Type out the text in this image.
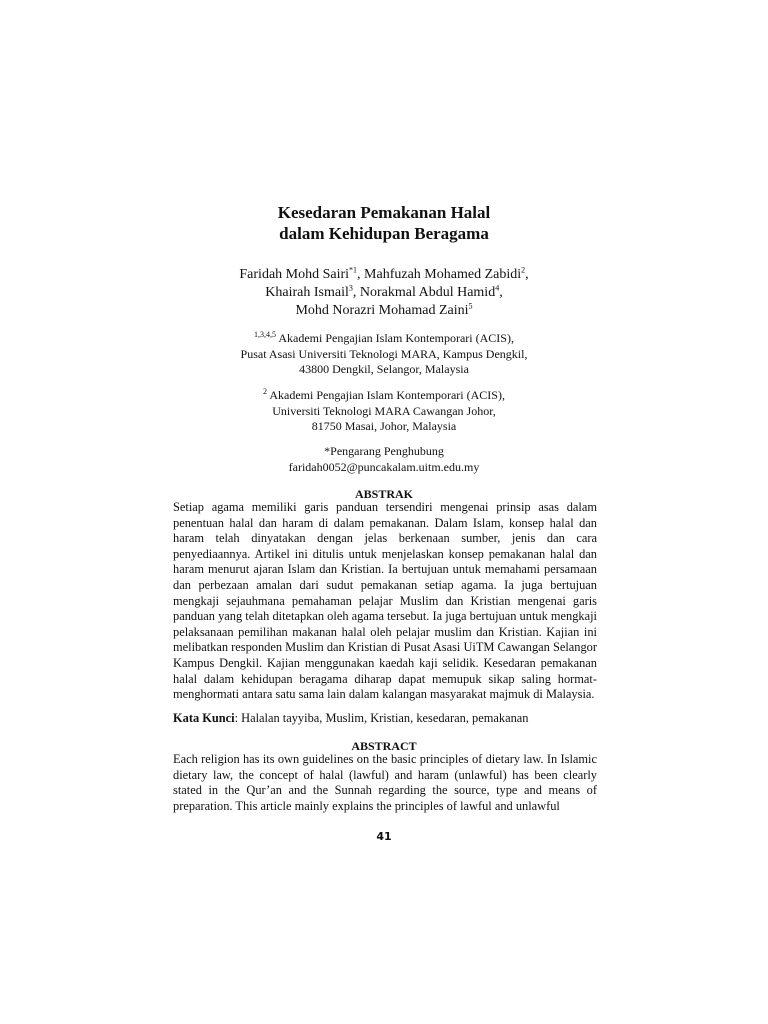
Kesedaran Pemakanan Halal
dalam Kehidupan Beragama
Faridah Mohd Sairi$^{*1}$, Mahfuzah Mohamed Zabidi$^2$,
Khairah Ismail$^3$, Norakmal Abdul Hamid$^4$,
Mohd Norazri Mohamad Zaini$^5$
$^{1,3,4,5}$ Akademi Pengajian Islam Kontemporari (ACIS),
Pusat Asasi Universiti Teknologi MARA, Kampus Dengkil,
43800 Dengkil, Selangor, Malaysia
$^2$ Akademi Pengajian Islam Kontemporari (ACIS),
Universiti Teknologi MARA Cawangan Johor,
81750 Masai, Johor, Malaysia
*Pengarang Penghubung
faridah0052@puncakalam.uitm.edu.my
ABSTRAK
Setiap agama memiliki garis panduan tersendiri mengenai prinsip asas dalam penentuan halal dan haram di dalam pemakanan. Dalam Islam, konsep halal dan haram telah dinyatakan dengan jelas berkenaan sumber, jenis dan cara penyediaannya. Artikel ini ditulis untuk menjelaskan konsep pemakanan halal dan haram menurut ajaran Islam dan Kristian. Ia bertujuan untuk memahami persamaan dan perbezaan amalan dari sudut pemakanan setiap agama. Ia juga bertujuan mengkaji sejauhmana pemahaman pelajar Muslim dan Kristian mengenai garis panduan yang telah ditetapkan oleh agama tersebut. Ia juga bertujuan untuk mengkaji pelaksanaan pemilihan makanan halal oleh pelajar muslim dan Kristian. Kajian ini melibatkan responden Muslim dan Kristian di Pusat Asasi UiTM Cawangan Selangor Kampus Dengkil. Kajian menggunakan kaedah kaji selidik. Kesedaran pemakanan halal dalam kehidupan beragama diharap dapat memupuk sikap saling hormat-menghormati antara satu sama lain dalam kalangan masyarakat majmuk di Malaysia.
Kata Kunci: Halalan tayyiba, Muslim, Kristian, kesedaran, pemakanan
ABSTRACT
Each religion has its own guidelines on the basic principles of dietary law. In Islamic dietary law, the concept of halal (lawful) and haram (unlawful) has been clearly stated in the Qur’an and the Sunnah regarding the source, type and means of preparation. This article mainly explains the principles of lawful and unlawful
41
